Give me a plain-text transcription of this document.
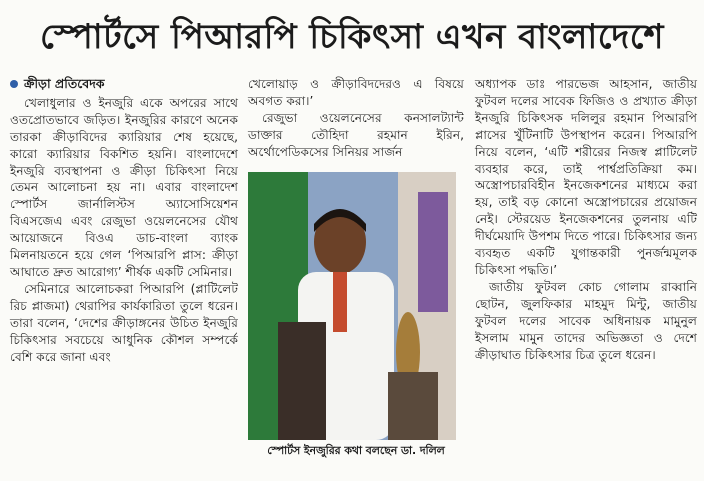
স্পোর্টসে পিআরপি চিকিৎসা এখন বাংলাদেশে
ক্রীড়া প্রতিবেদক

খেলাধুলার ও ইনজুরি একে অপরের সাথে ওতপ্রোতভাবে জড়িত। ইনজুরির কারণে অনেক তারকা ক্রীড়াবিদের ক্যারিয়ার শেষ হয়েছে, কারো ক্যারিয়ার বিকশিত হয়নি। বাংলাদেশে ইনজুরি ব্যবস্থাপনা ও ক্রীড়া চিকিৎসা নিয়ে তেমন আলোচনা হয় না। এবার বাংলাদেশ স্পোর্টস জার্নালিস্টস অ্যাসোসিয়েশন বিএসজেএ এবং রেজুভা ওয়েলনেসের যৌথ আয়োজনে বিওএ ডাচ-বাংলা ব্যাংক মিলনায়তনে হয়ে গেল ‘পিআরপি প্লাস: ক্রীড়া আঘাতে দ্রুত আরোগ্য’ শীর্ষক একটি সেমিনার।

সেমিনারে আলোচকরা পিআরপি (প্লাটিলেট রিচ প্লাজমা) থেরাপির কার্যকারিতা তুলে ধরেন। তারা বলেন, ‘দেশের ক্রীড়াঙ্গনের উচিত ইনজুরি চিকিৎসার সবচেয়ে আধুনিক কৌশল সম্পর্কে বেশি করে জানা এবং

খেলোয়াড় ও ক্রীড়াবিদদেরও এ বিষয়ে অবগত করা।’

রেজুভা ওয়েলনেসের কনসালট্যান্ট ডাক্তার তৌহিদা রহমান ইরিন, অর্থোপেডিকসের সিনিয়র সার্জন

স্পোর্টস ইনজুরির কথা বলছেন ডা. দলিল

অধ্যাপক ডাঃ পারভেজ আহসান, জাতীয় ফুটবল দলের সাবেক ফিজিও ও প্রখ্যাত ক্রীড়া ইনজুরি চিকিৎসক দলিলুর রহমান পিআরপি প্লাসের খুঁটিনাটি উপস্থাপন করেন। পিআরপি নিয়ে বলেন, ‘এটি শরীরের নিজস্ব প্লাটিলেট ব্যবহার করে, তাই পার্শ্বপ্রতিক্রিয়া কম। অস্ত্রোপচারবিহীন ইনজেকশনের মাধ্যমে করা হয়, তাই বড় কোনো অস্ত্রোপচারের প্রয়োজন নেই। স্টেরয়েড ইনজেকশনের তুলনায় এটি দীর্ঘমেয়াদি উপশম দিতে পারে। চিকিৎসার জন্য ব্যবহৃত একটি যুগান্তকারী পুনর্জন্মমূলক চিকিৎসা পদ্ধতি।’

জাতীয় ফুটবল কোচ গোলাম রাব্বানি ছোটন, জুলফিকার মাহমুদ মিন্টু, জাতীয় ফুটবল দলের সাবেক অধিনায়ক মামুনুল ইসলাম মামুন তাদের অভিজ্ঞতা ও দেশে ক্রীড়াঘাত চিকিৎসার চিত্র তুলে ধরেন।
